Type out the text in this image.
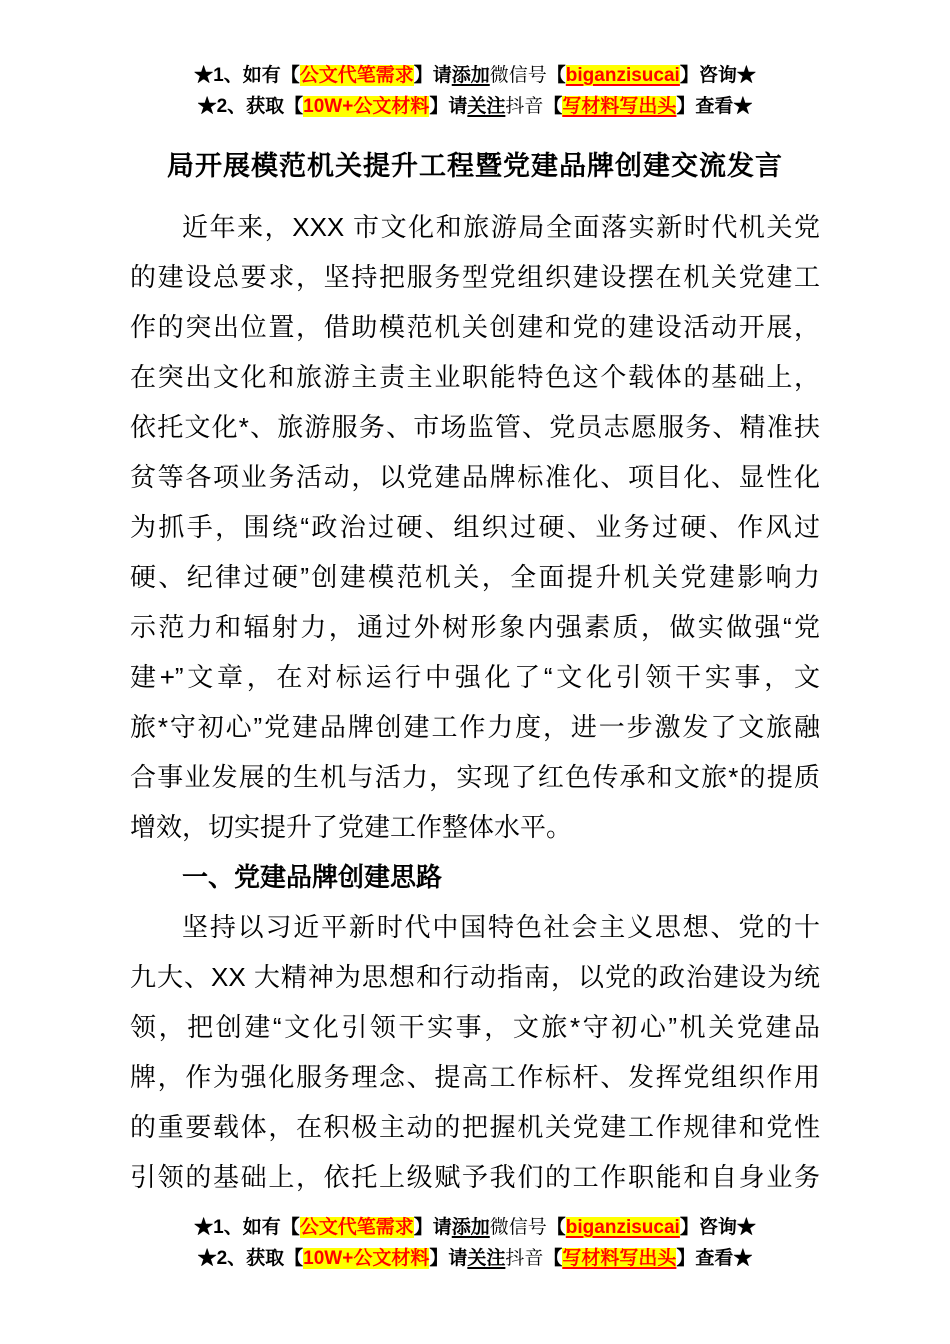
★1、如有【公文代笔需求】请添加微信号【biganzisucai】咨询★
★2、获取【10W+公文材料】请关注抖音【写材料写出头】查看★
局开展模范机关提升工程暨党建品牌创建交流发言
近年来，XXX 市文化和旅游局全面落实新时代机关党
的建设总要求，坚持把服务型党组织建设摆在机关党建工
作的突出位置，借助模范机关创建和党的建设活动开展，
在突出文化和旅游主责主业职能特色这个载体的基础上，
依托文化*、旅游服务、市场监管、党员志愿服务、精准扶
贫等各项业务活动，以党建品牌标准化、项目化、显性化
为抓手，围绕“政治过硬、组织过硬、业务过硬、作风过
硬、纪律过硬”创建模范机关，全面提升机关党建影响力
示范力和辐射力，通过外树形象内强素质，做实做强“党
建+”文章，在对标运行中强化了“文化引领干实事，文
旅*守初心”党建品牌创建工作力度，进一步激发了文旅融
合事业发展的生机与活力，实现了红色传承和文旅*的提质
增效，切实提升了党建工作整体水平。
一、党建品牌创建思路
坚持以习近平新时代中国特色社会主义思想、党的十
九大、XX 大精神为思想和行动指南，以党的政治建设为统
领，把创建“文化引领干实事，文旅*守初心”机关党建品
牌，作为强化服务理念、提高工作标杆、发挥党组织作用
的重要载体，在积极主动的把握机关党建工作规律和党性
引领的基础上，依托上级赋予我们的工作职能和自身业务
★1、如有【公文代笔需求】请添加微信号【biganzisucai】咨询★
★2、获取【10W+公文材料】请关注抖音【写材料写出头】查看★
